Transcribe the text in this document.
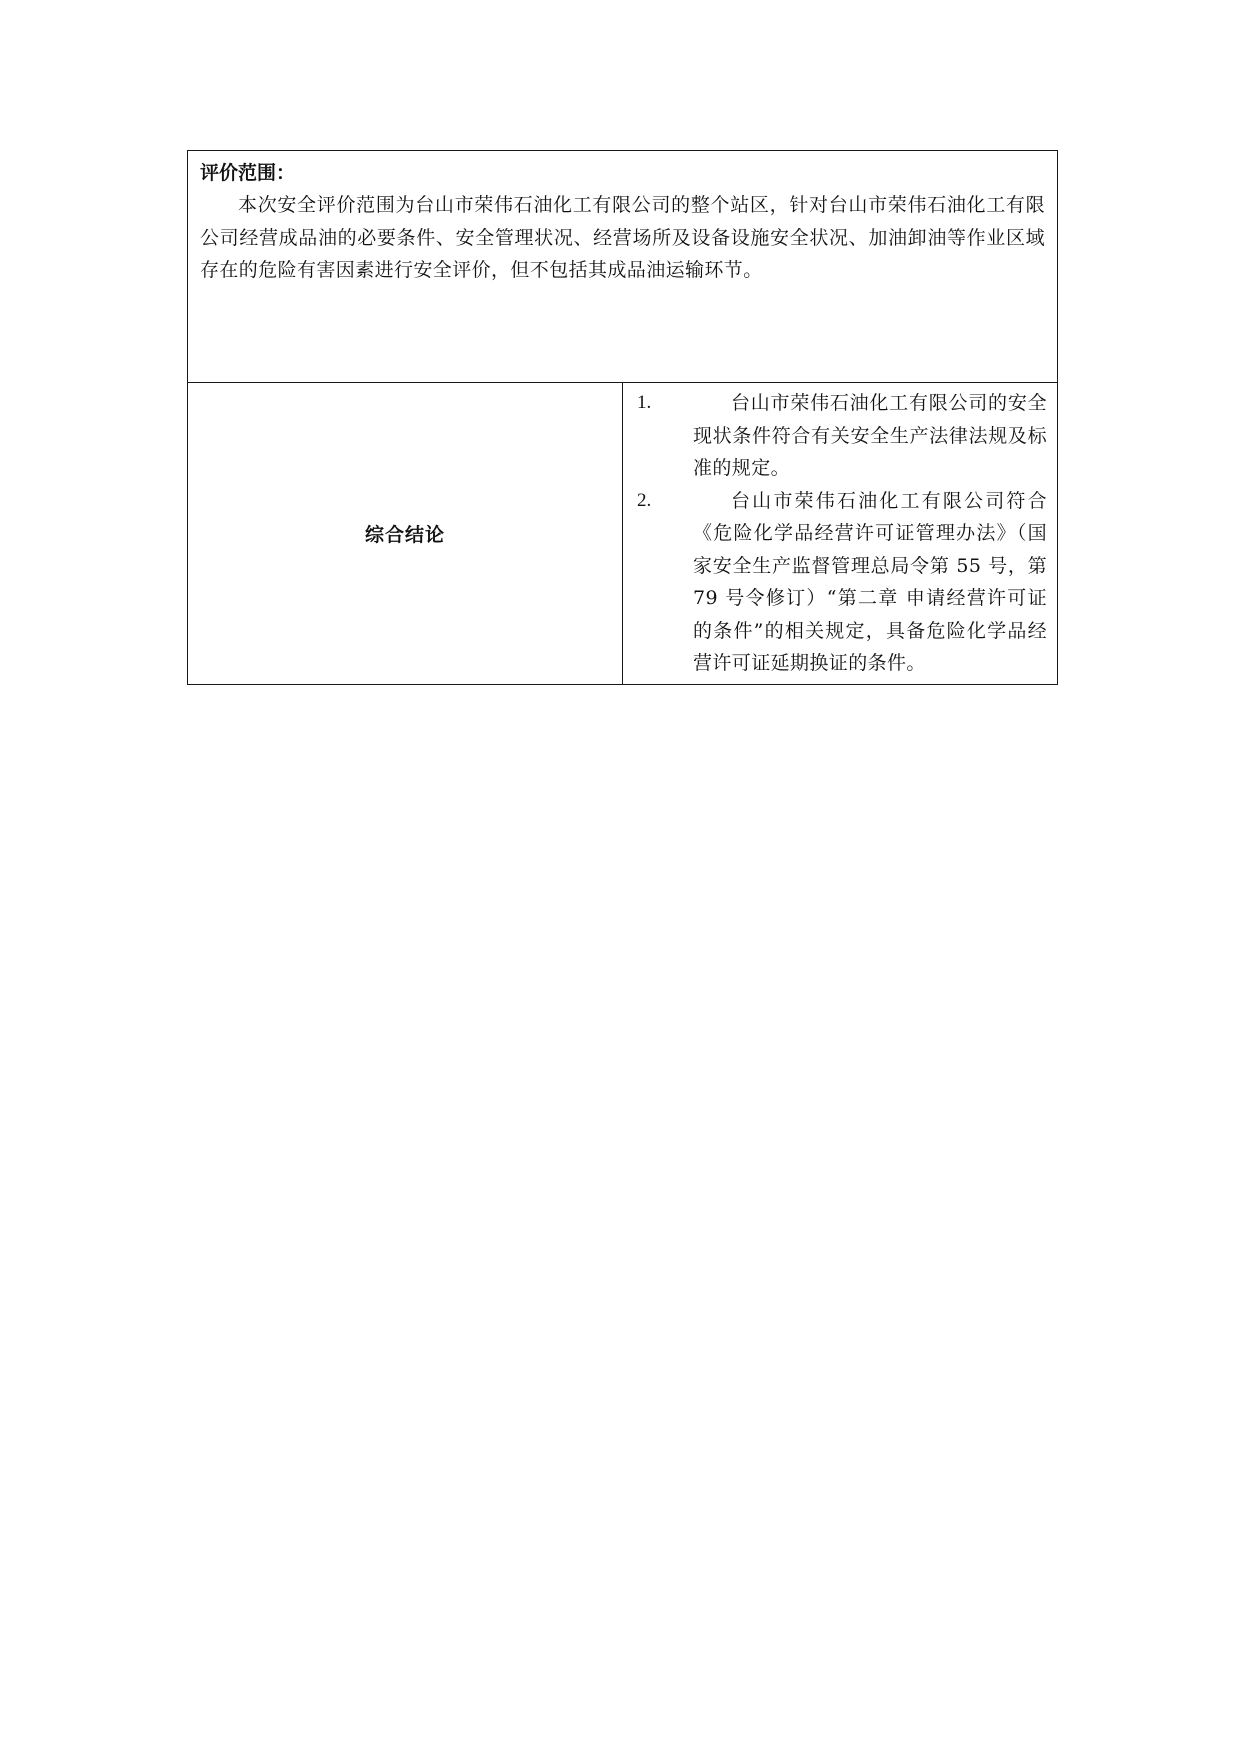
评价范围：

本次安全评价范围为台山市荣伟石油化工有限公司的整个站区，针对台山市荣伟石油化工有限公司经营成品油的必要条件、安全管理状况、经营场所及设备设施安全状况、加油卸油等作业区域存在的危险有害因素进行安全评价，但不包括其成品油运输环节。

综合结论	
1.	台山市荣伟石油化工有限公司的安全现状条件符合有关安全生产法律法规及标准的规定。
2.	台山市荣伟石油化工有限公司符合《危险化学品经营许可证管理办法》（国家安全生产监督管理总局令第 55 号，第 79 号令修订）“第二章 申请经营许可证的条件”的相关规定，具备危险化学品经营许可证延期换证的条件。
